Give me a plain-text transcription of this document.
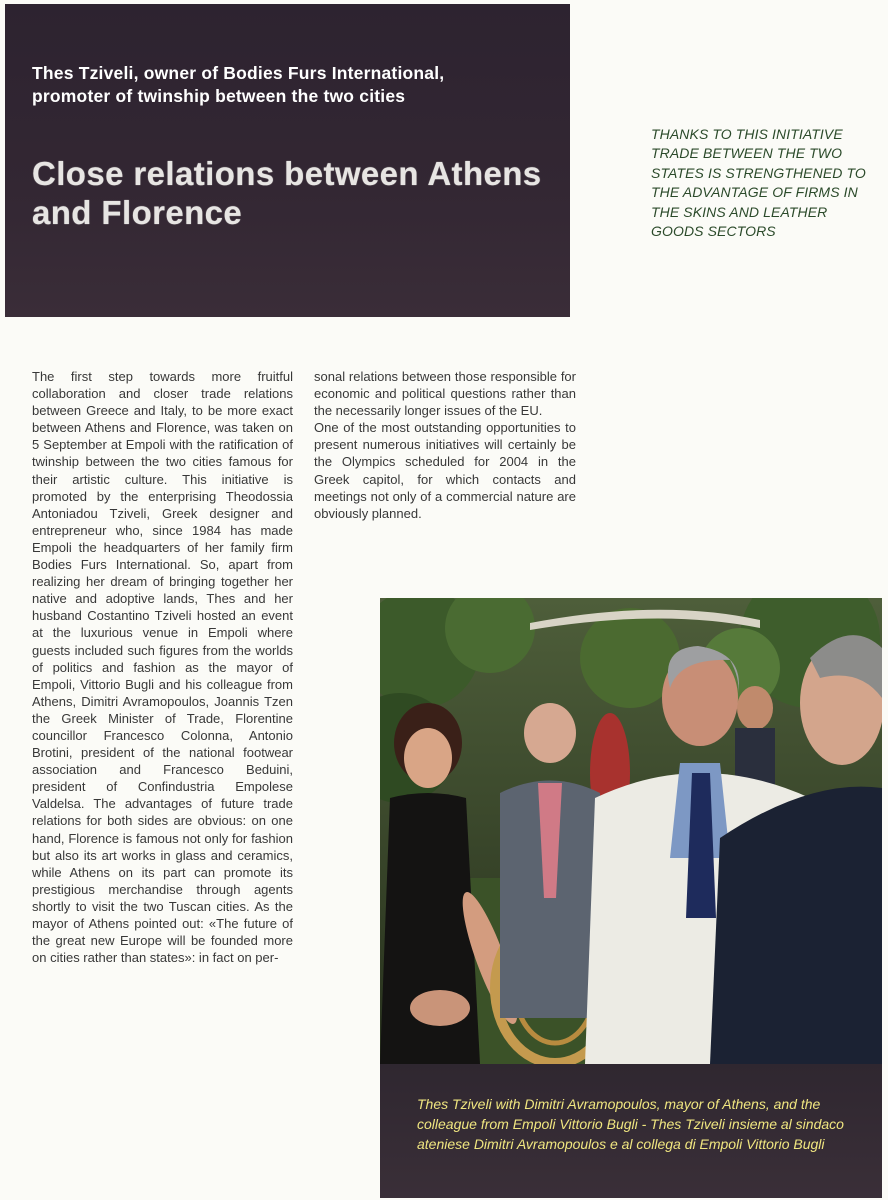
Thes Tziveli, owner of Bodies Furs International, promoter of twinship between the two cities
Close relations between Athens and Florence
THANKS TO THIS INITIATIVE TRADE BETWEEN THE TWO STATES IS STRENGTHENED TO THE ADVANTAGE OF FIRMS IN THE SKINS AND LEATHER GOODS SECTORS

The first step towards more fruitful collaboration and closer trade relations between Greece and Italy, to be more exact between Athens and Florence, was taken on 5 September at Empoli with the ratification of twinship between the two cities famous for their artistic culture. This initiative is promoted by the enterprising Theodossia Antoniadou Tziveli, Greek designer and entrepreneur who, since 1984 has made Empoli the headquarters of her family firm Bodies Furs International. So, apart from realizing her dream of bringing together her native and adoptive lands, Thes and her husband Costantino Tziveli hosted an event at the luxurious venue in Empoli where guests included such figures from the worlds of politics and fashion as the mayor of Empoli, Vittorio Bugli and his colleague from Athens, Dimitri Avramopoulos, Joannis Tzen the Greek Minister of Trade, Florentine councillor Francesco Colonna, Antonio Brotini, president of the national footwear association and Francesco Beduini, president of Confindustria Empolese Valdelsa. The advantages of future trade relations for both sides are obvious: on one hand, Florence is famous not only for fashion but also its art works in glass and ceramics, while Athens on its part can promote its prestigious merchandise through agents shortly to visit the two Tuscan cities. As the mayor of Athens pointed out: «The future of the great new Europe will be founded more on cities rather than states»: in fact on per-

sonal relations between those responsible for economic and political questions rather than the necessarily longer issues of the EU.

One of the most outstanding opportunities to present numerous initiatives will certainly be the Olympics scheduled for 2004 in the Greek capitol, for which contacts and meetings not only of a commercial nature are obviously planned.

Thes Tziveli with Dimitri Avramopoulos, mayor of Athens, and the colleague from Empoli Vittorio Bugli - Thes Tziveli insieme al sindaco ateniese Dimitri Avramopoulos e al collega di Empoli Vittorio Bugli
